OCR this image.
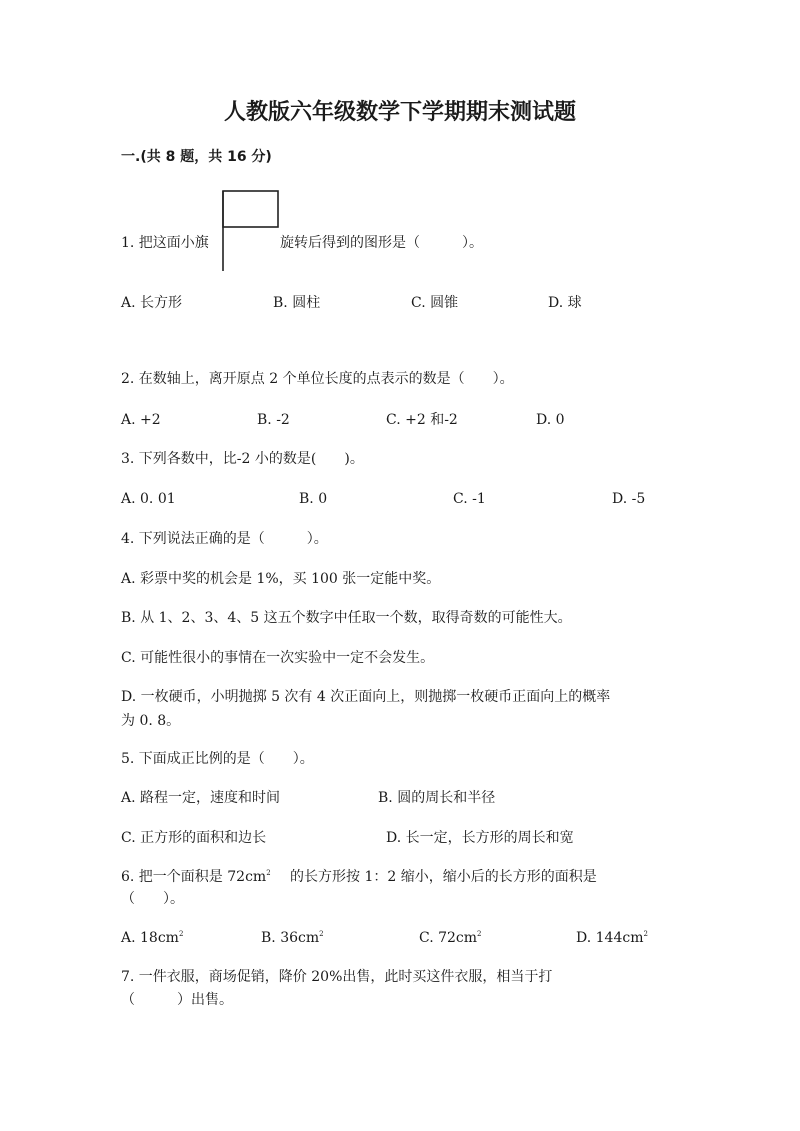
人教版六年级数学下学期期末测试题
一.(共 8 题，共 16 分)
1. 把这面小旗	旋转后得到的图形是（　　　）。
A. 长方形	B. 圆柱	C. 圆锥	D. 球
2. 在数轴上，离开原点 2 个单位长度的点表示的数是（　　）。
A. +2	B. -2	C. +2 和-2	D. 0
3. 下列各数中，比-2 小的数是(　　)。
A. 0. 01	B. 0	C. -1	D. -5
4. 下列说法正确的是（　　　）。
A. 彩票中奖的机会是 1%，买 100 张一定能中奖。
B. 从 1、2、3、4、5 这五个数字中任取一个数，取得奇数的可能性大。
C. 可能性很小的事情在一次实验中一定不会发生。
D. 一枚硬币，小明抛掷 5 次有 4 次正面向上，则抛掷一枚硬币正面向上的概率
为 0. 8。
5. 下面成正比例的是（　　）。
A. 路程一定，速度和时间	B. 圆的周长和半径
C. 正方形的面积和边长	D. 长一定，长方形的周长和宽
6. 把一个面积是 $72cm^2$ 的长方形按 1：2 缩小，缩小后的长方形的面积是
（　　）。
A. $18cm^2$	B. $36cm^2$	C. $72cm^2$	D. $144cm^2$
7. 一件衣服，商场促销，降价 20%出售，此时买这件衣服，相当于打
（　　　）出售。
